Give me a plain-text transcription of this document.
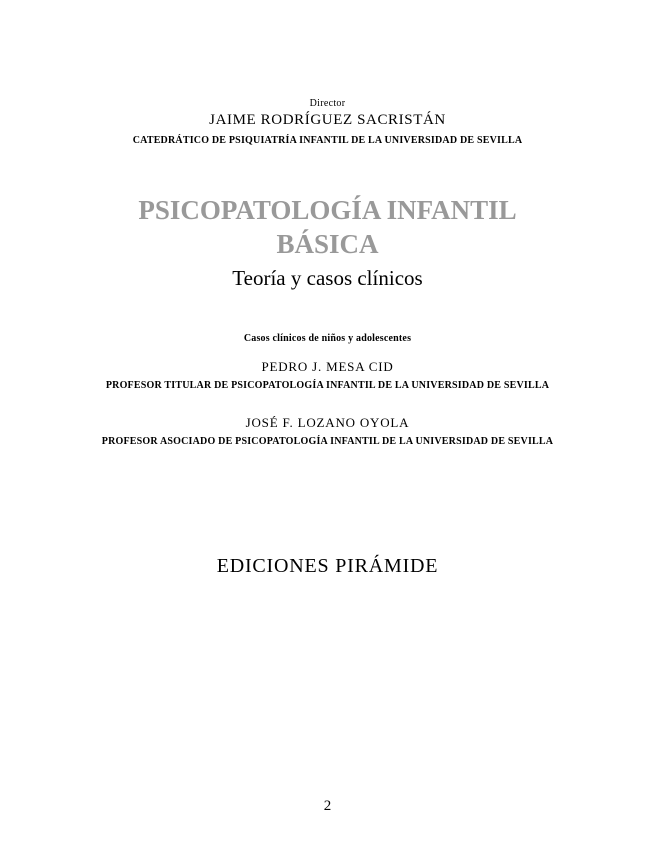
Director

JAIME RODRÍGUEZ SACRISTÁN

CATEDRÁTICO DE PSIQUIATRÍA INFANTIL DE LA UNIVERSIDAD DE SEVILLA

PSICOPATOLOGÍA INFANTIL
BÁSICA

Teoría y casos clínicos

Casos clínicos de niños y adolescentes

PEDRO J. MESA CID

PROFESOR TITULAR DE PSICOPATOLOGÍA INFANTIL DE LA UNIVERSIDAD DE SEVILLA

JOSÉ F. LOZANO OYOLA

PROFESOR ASOCIADO DE PSICOPATOLOGÍA INFANTIL DE LA UNIVERSIDAD DE SEVILLA

EDICIONES PIRÁMIDE

2
